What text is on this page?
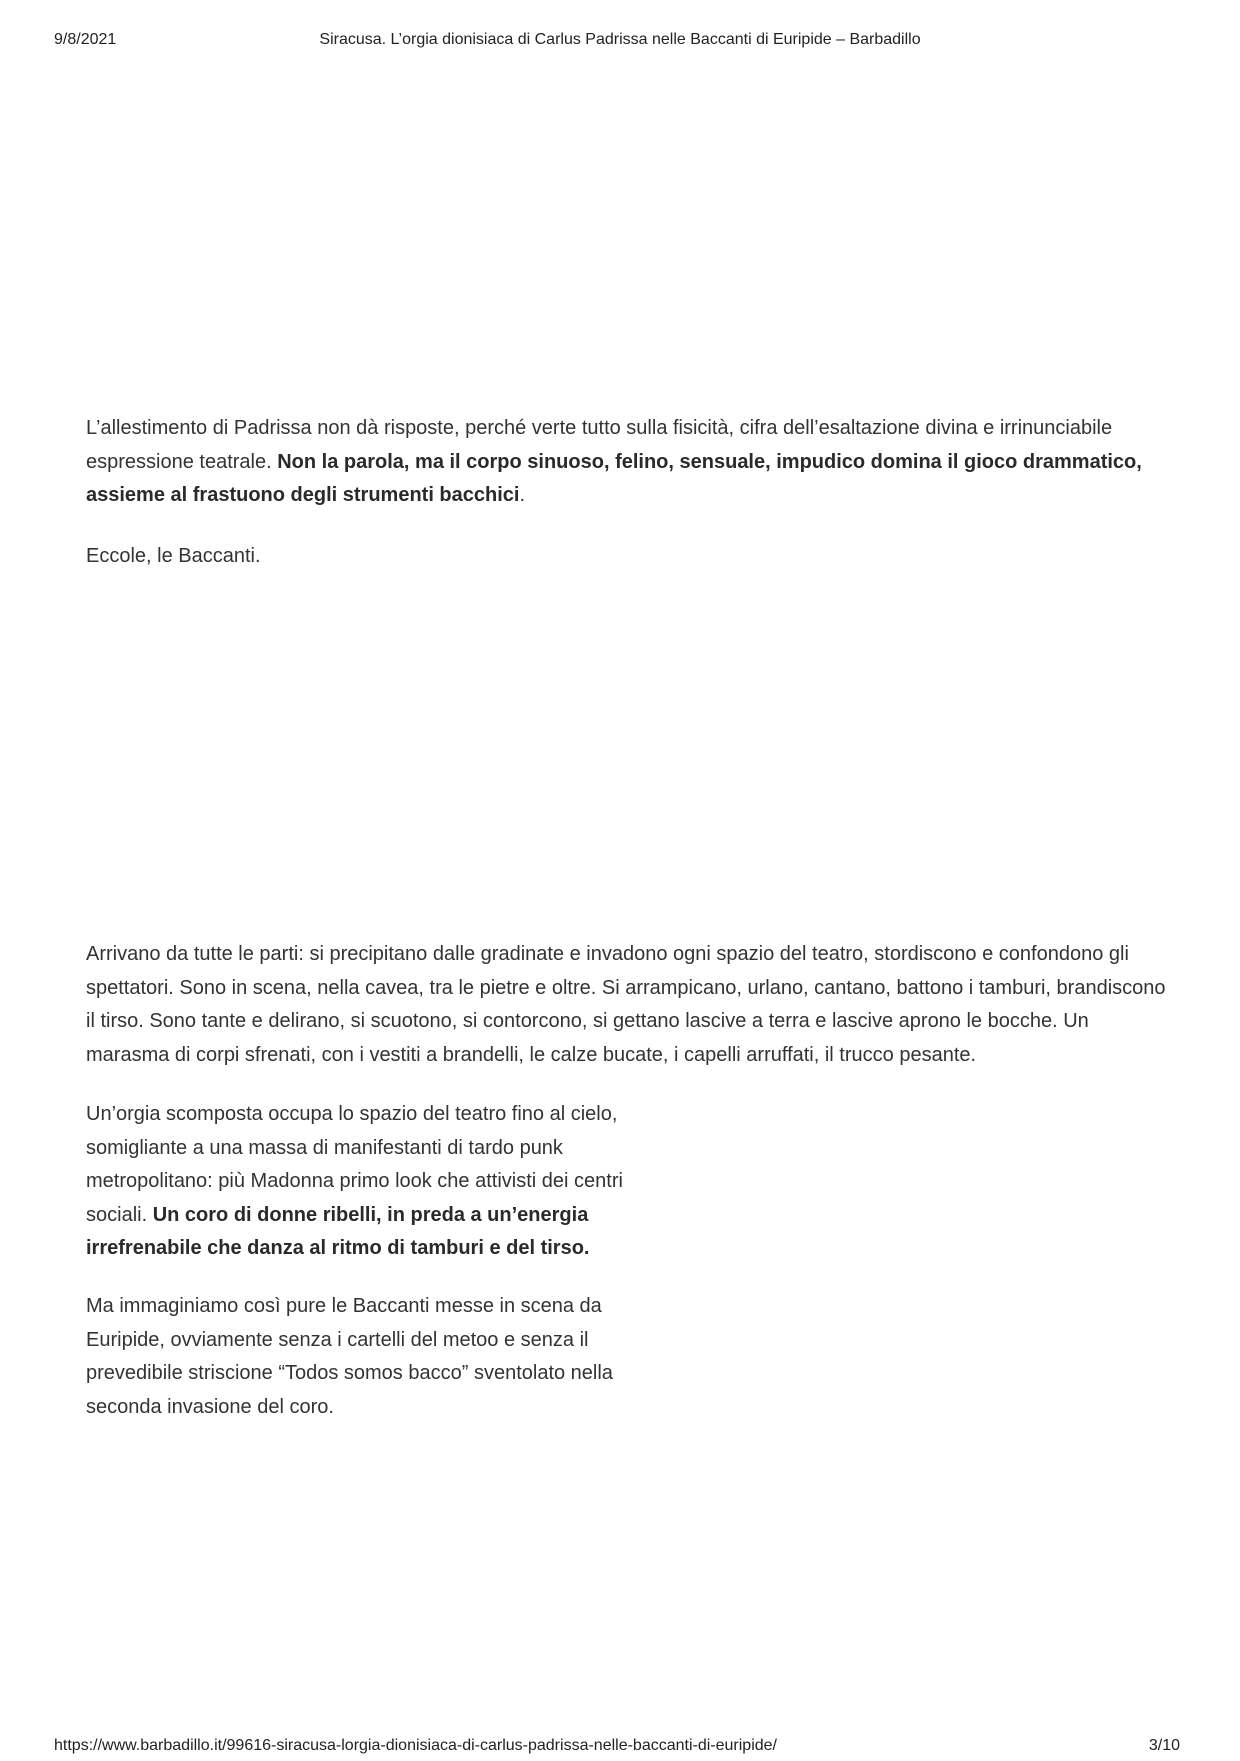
9/8/2021	Siracusa. L’orgia dionisiaca di Carlus Padrissa nelle Baccanti di Euripide – Barbadillo

L’allestimento di Padrissa non dà risposte, perché verte tutto sulla fisicità, cifra dell’esaltazione divina e irrinunciabile espressione teatrale. Non la parola, ma il corpo sinuoso, felino, sensuale, impudico domina il gioco drammatico, assieme al frastuono degli strumenti bacchici.

Eccole, le Baccanti.

Arrivano da tutte le parti: si precipitano dalle gradinate e invadono ogni spazio del teatro, stordiscono e confondono gli spettatori. Sono in scena, nella cavea, tra le pietre e oltre. Si arrampicano, urlano, cantano, battono i tamburi, brandiscono il tirso. Sono tante e delirano, si scuotono, si contorcono, si gettano lascive a terra e lascive aprono le bocche. Un marasma di corpi sfrenati, con i vestiti a brandelli, le calze bucate, i capelli arruffati, il trucco pesante.

Un’orgia scomposta occupa lo spazio del teatro fino al cielo, somigliante a una massa di manifestanti di tardo punk metropolitano: più Madonna primo look che attivisti dei centri sociali. Un coro di donne ribelli, in preda a un’energia irrefrenabile che danza al ritmo di tamburi e del tirso.

Ma immaginiamo così pure le Baccanti messe in scena da Euripide, ovviamente senza i cartelli del metoo e senza il prevedibile striscione “Todos somos bacco” sventolato nella seconda invasione del coro.

https://www.barbadillo.it/99616-siracusa-lorgia-dionisiaca-di-carlus-padrissa-nelle-baccanti-di-euripide/	3/10
